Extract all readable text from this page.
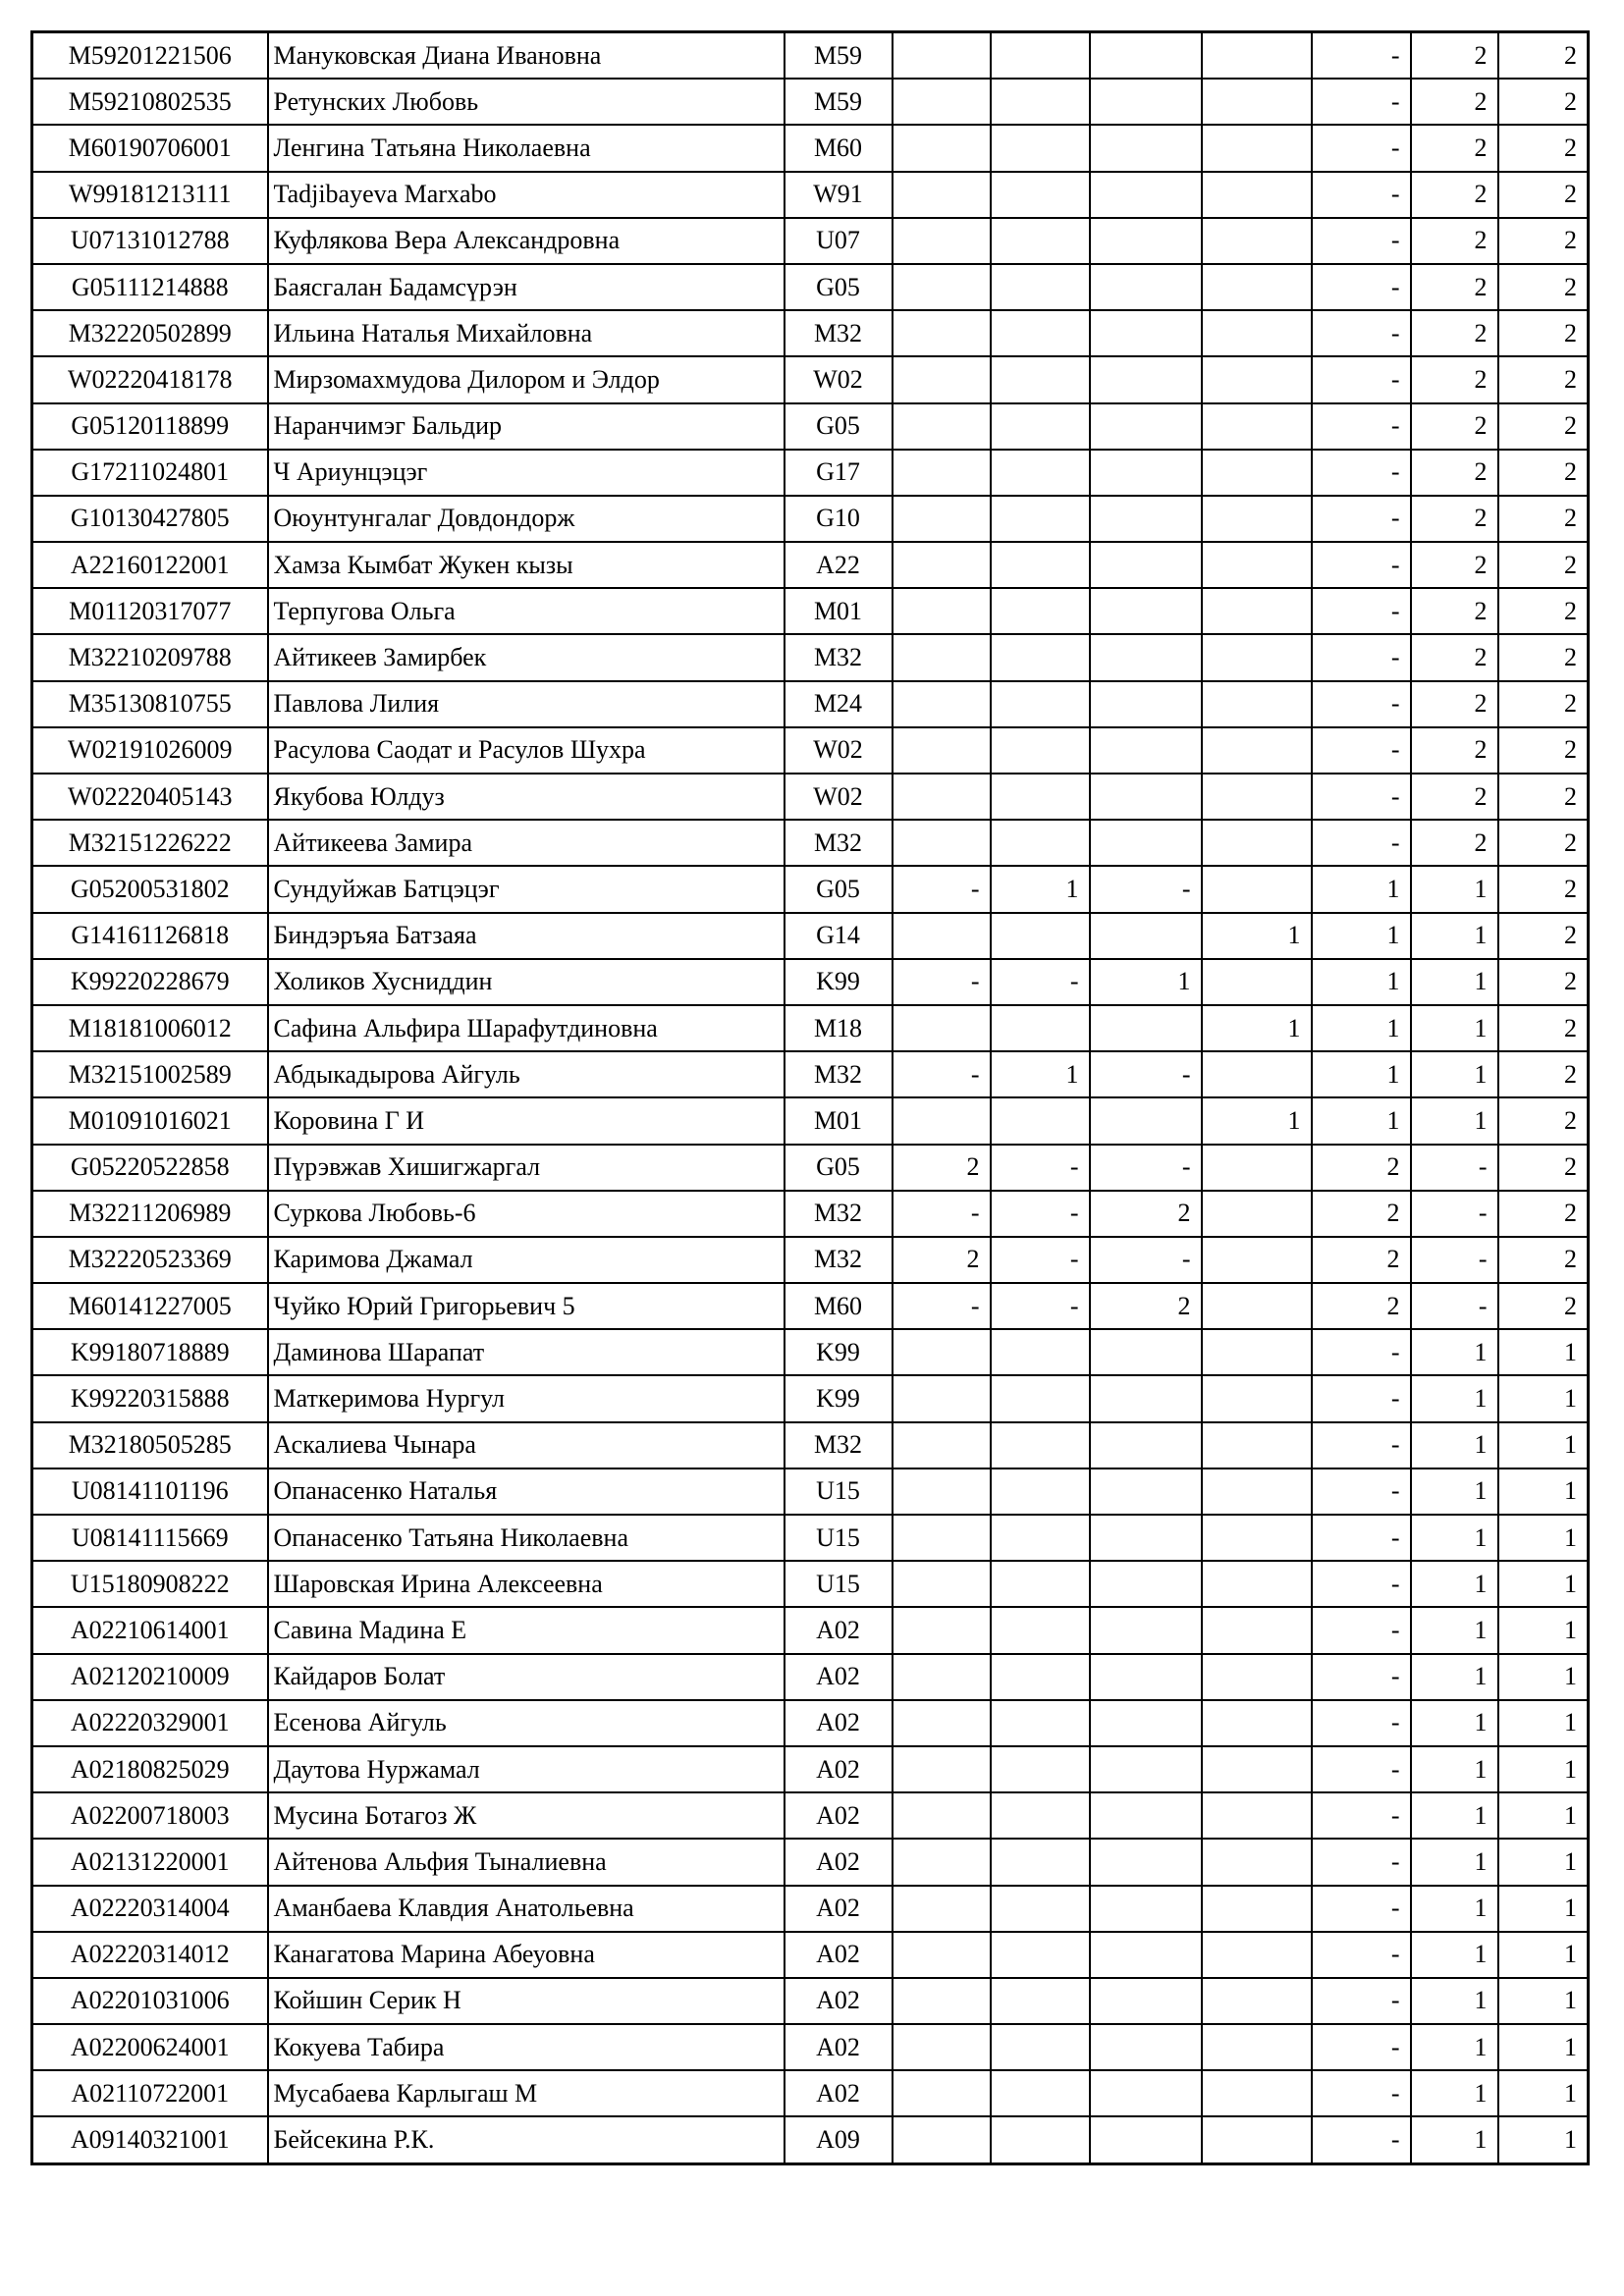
M59201221506	Мануковская Диана Ивановна	M59					-	2	2
M59210802535	Ретунских Любовь	M59					-	2	2
M60190706001	Ленгина Татьяна Николаевна	M60					-	2	2
W99181213111	Tadjibayeva Marxabo	W91					-	2	2
U07131012788	Куфлякова Вера Александровна	U07					-	2	2
G05111214888	Баясгалан Бадамсүрэн	G05					-	2	2
M32220502899	Ильина Наталья Михайловна	M32					-	2	2
W02220418178	Мирзомахмудова Дилором и Элдор	W02					-	2	2
G05120118899	Наранчимэг Бальдир	G05					-	2	2
G17211024801	Ч Ариунцэцэг	G17					-	2	2
G10130427805	Оюунтунгалаг Довдондорж	G10					-	2	2
A22160122001	Хамза Кымбат Жукен кызы	A22					-	2	2
M01120317077	Терпугова Ольга	M01					-	2	2
M32210209788	Айтикеев Замирбек	M32					-	2	2
M35130810755	Павлова Лилия	M24					-	2	2
W02191026009	Расулова Саодат и Расулов Шухра	W02					-	2	2
W02220405143	Якубова Юлдуз	W02					-	2	2
M32151226222	Айтикеева Замира	M32					-	2	2
G05200531802	Сундуйжав Батцэцэг	G05	-	1	-		1	1	2
G14161126818	Биндэръяа Батзаяа	G14				1	1	1	2
K99220228679	Холиков Хусниддин	K99	-	-	1		1	1	2
M18181006012	Сафина Альфира Шарафутдиновна	M18				1	1	1	2
M32151002589	Абдыкадырова Айгуль	M32	-	1	-		1	1	2
M01091016021	Коровина Г И	M01				1	1	1	2
G05220522858	Пүрэвжав Хишигжаргал	G05	2	-	-		2	-	2
M32211206989	Суркова Любовь-6	M32	-	-	2		2	-	2
M32220523369	Каримова Джамал	M32	2	-	-		2	-	2
M60141227005	Чуйко Юрий Григорьевич 5	M60	-	-	2		2	-	2
K99180718889	Даминова Шарапат	K99					-	1	1
K99220315888	Маткеримова Нургул	K99					-	1	1
M32180505285	Аскалиева Чынара	M32					-	1	1
U08141101196	Опанасенко Наталья	U15					-	1	1
U08141115669	Опанасенко Татьяна Николаевна	U15					-	1	1
U15180908222	Шаровская Ирина Алексеевна	U15					-	1	1
A02210614001	Савина Мадина Е	A02					-	1	1
A02120210009	Кайдаров Болат	A02					-	1	1
A02220329001	Есенова Айгуль	A02					-	1	1
A02180825029	Даутова Нуржамал	A02					-	1	1
A02200718003	Мусина Ботагоз Ж	A02					-	1	1
A02131220001	Айтенова Альфия Тыналиевна	A02					-	1	1
A02220314004	Аманбаева Клавдия Анатольевна	A02					-	1	1
A02220314012	Канагатова Марина Абеуовна	A02					-	1	1
A02201031006	Койшин Серик Н	A02					-	1	1
A02200624001	Кокуева Табира	A02					-	1	1
A02110722001	Мусабаева Карлыгаш М	A02					-	1	1
A09140321001	Бейсекина Р.К.	A09					-	1	1
